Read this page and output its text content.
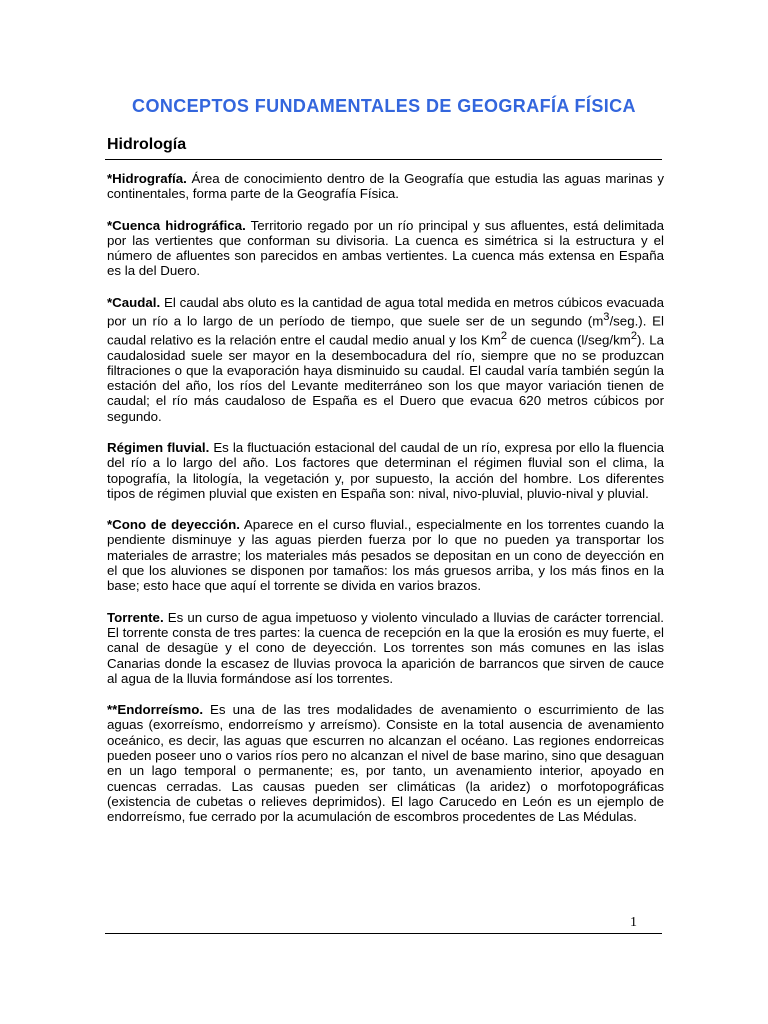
CONCEPTOS FUNDAMENTALES DE GEOGRAFÍA FÍSICA
Hidrología

*Hidrografía. Área de conocimiento dentro de la Geografía que estudia las aguas marinas y continentales, forma parte de la Geografía Física.

*Cuenca hidrográfica. Territorio regado por un río principal y sus afluentes, está delimitada por las vertientes que conforman su divisoria. La cuenca es simétrica si la estructura y el número de afluentes son parecidos en ambas vertientes. La cuenca más extensa en España es la del Duero.

*Caudal. El caudal abs oluto es la cantidad de agua total medida en metros cúbicos evacuada por un río a lo largo de un período de tiempo, que suele ser de un segundo $(m^3/seg.)$. El caudal relativo es la relación entre el caudal medio anual y los Km$^2$ de cuenca $(l/seg/km^2)$. La caudalosidad suele ser mayor en la desembocadura del río, siempre que no se produzcan filtraciones o que la evaporación haya disminuido su caudal. El caudal varía también según la estación del año, los ríos del Levante mediterráneo son los que mayor variación tienen de caudal; el río más caudaloso de España es el Duero que evacua 620 metros cúbicos por segundo.

Régimen fluvial. Es la fluctuación estacional del caudal de un río, expresa por ello la fluencia del río a lo largo del año. Los factores que determinan el régimen fluvial son el clima, la topografía, la litología, la vegetación y, por supuesto, la acción del hombre. Los diferentes tipos de régimen pluvial que existen en España son: nival, nivo-pluvial, pluvio-nival y pluvial.

*Cono de deyección. Aparece en el curso fluvial., especialmente en los torrentes cuando la pendiente disminuye y las aguas pierden fuerza por lo que no pueden ya transportar los materiales de arrastre; los materiales más pesados se depositan en un cono de deyección en el que los aluviones se disponen por tamaños: los más gruesos arriba, y los más finos en la base; esto hace que aquí el torrente se divida en varios brazos.

Torrente. Es un curso de agua impetuoso y violento vinculado a lluvias de carácter torrencial. El torrente consta de tres partes: la cuenca de recepción en la que la erosión es muy fuerte, el canal de desagüe y el cono de deyección. Los torrentes son más comunes en las islas Canarias donde la escasez de lluvias provoca la aparición de barrancos que sirven de cauce al agua de la lluvia formándose así los torrentes.

**Endorreísmo. Es una de las tres modalidades de avenamiento o escurrimiento de las aguas (exorreísmo, endorreísmo y arreísmo). Consiste en la total ausencia de avenamiento oceánico, es decir, las aguas que escurren no alcanzan el océano. Las regiones endorreicas pueden poseer uno o varios ríos pero no alcanzan el nivel de base marino, sino que desaguan en un lago temporal o permanente; es, por tanto, un avenamiento interior, apoyado en cuencas cerradas. Las causas pueden ser climáticas (la aridez) o morfotopográficas (existencia de cubetas o relieves deprimidos). El lago Carucedo en León es un ejemplo de endorreísmo, fue cerrado por la acumulación de escombros procedentes de Las Médulas.

1
